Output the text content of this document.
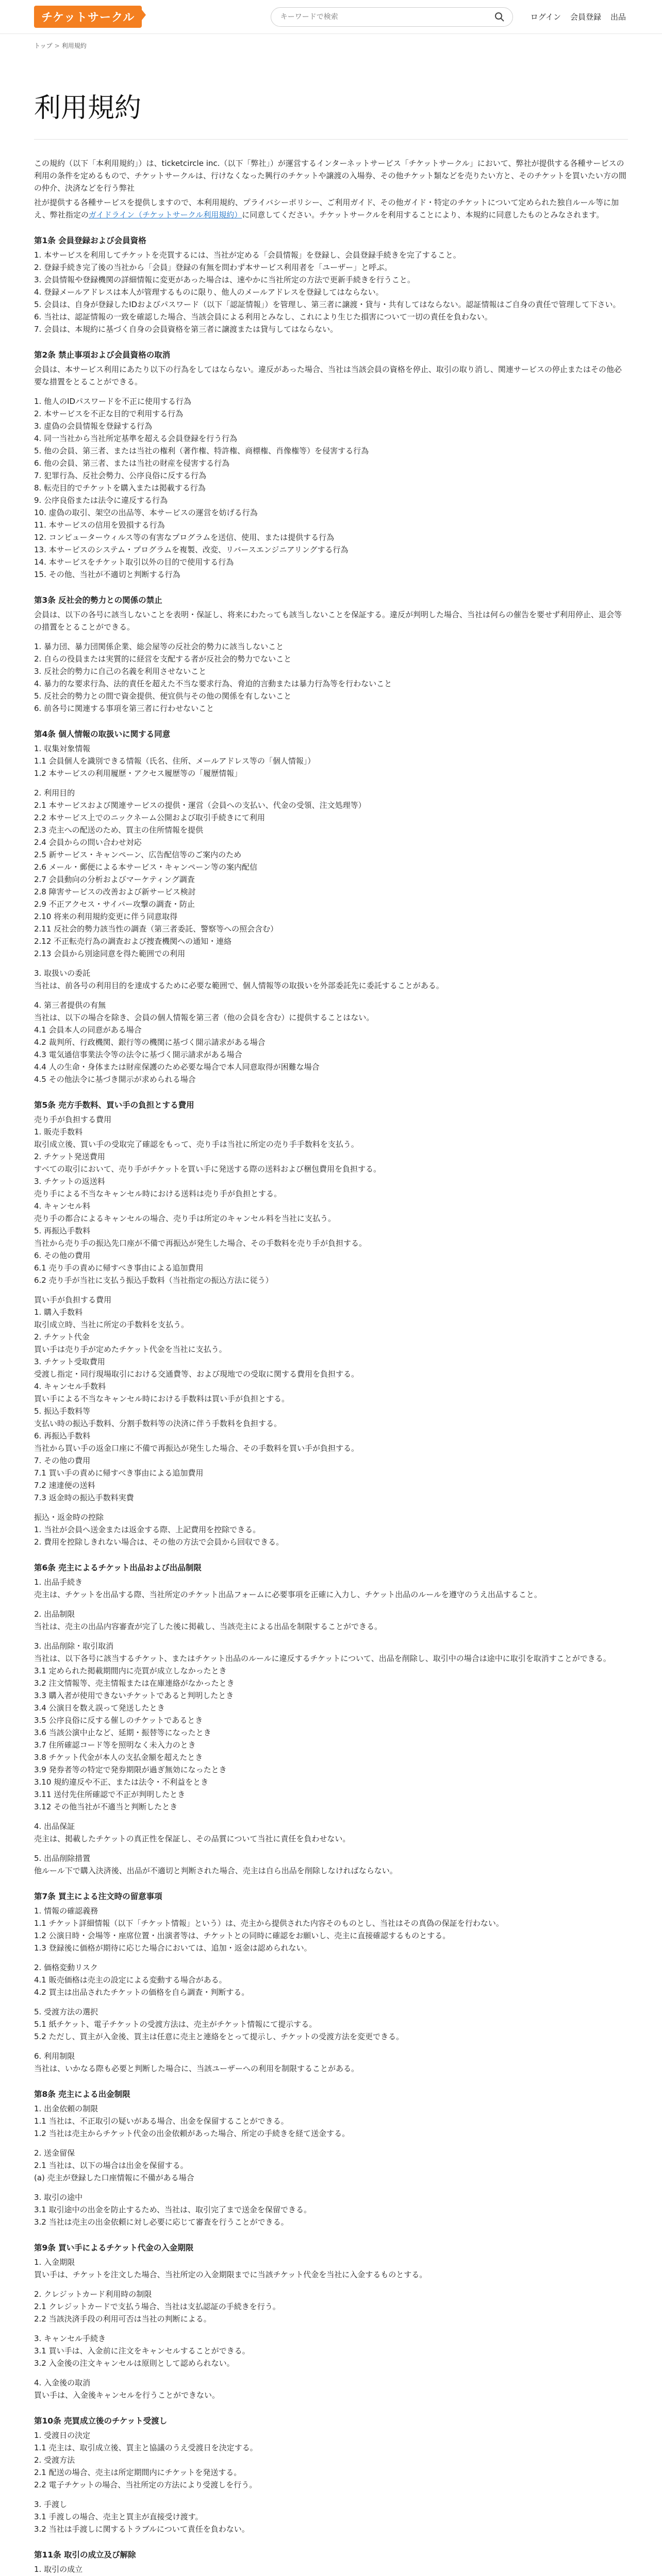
チケットサークル
キーワードで検索	ログイン 会員登録 出品
トップ > 利用規約
利用規約

この規約（以下「本利用規約」）は、ticketcircle inc.（以下「弊社」）が運営するインターネットサービス「チケットサークル」において、弊社が提供する各種サービスの利用の条件を定めるもので、チケットサークルは、行けなくなった興行のチケットや譲渡の入場券、その他チケット類などを売りたい方と、そのチケットを買いたい方の間の仲介、決済などを行う弊社

社が提供する各種サービスを提供しますので、本利用規約、プライバシーポリシー、ご利用ガイド、その他ガイド・特定のチケットについて定められた独自ルール等に加え、弊社指定のガイドライン（チケットサークル利用規約）に同意してください。チケットサークルを利用することにより、本規約に同意したものとみなされます。

第1条 会員登録および会員資格

1. 本サービスを利用してチケットを売買するには、当社が定める「会員情報」を登録し、会員登録手続きを完了すること。

2. 登録手続き完了後の当社から「会員」登録の有無を問わず本サービス利用者を「ユーザー」と呼ぶ。

3. 会員情報や登録機関の詳細情報に変更があった場合は、速やかに当社所定の方法で更新手続きを行うこと。

4. 登録メールアドレスは本人が管理するものに限り、他人のメールアドレスを登録してはならない。

5. 会員は、自身が登録したIDおよびパスワード（以下「認証情報」）を管理し、第三者に譲渡・貸与・共有してはならない。認証情報はご自身の責任で管理して下さい。

6. 当社は、認証情報の一致を確認した場合、当該会員による利用とみなし、これにより生じた損害について一切の責任を負わない。

7. 会員は、本規約に基づく自身の会員資格を第三者に譲渡または貸与してはならない。

第2条 禁止事項および会員資格の取消

会員は、本サービス利用にあたり以下の行為をしてはならない。違反があった場合、当社は当該会員の資格を停止、取引の取り消し、関連サービスの停止またはその他必要な措置をとることができる。

1. 他人のIDパスワードを不正に使用する行為

2. 本サービスを不正な目的で利用する行為

3. 虚偽の会員情報を登録する行為

4. 同一当社から当社所定基準を超える会員登録を行う行為

5. 他の会員、第三者、または当社の権利（著作権、特許権、商標権、肖像権等）を侵害する行為

6. 他の会員、第三者、または当社の財産を侵害する行為

7. 犯罪行為、反社会勢力、公序良俗に反する行為

8. 転売目的でチケットを購入または掲載する行為

9. 公序良俗または法令に違反する行為

10. 虚偽の取引、架空の出品等、本サービスの運営を妨げる行為

11. 本サービスの信用を毀損する行為

12. コンピューターウィルス等の有害なプログラムを送信、使用、または提供する行為

13. 本サービスのシステム・プログラムを複製、改変、リバースエンジニアリングする行為

14. 本サービスをチケット取引以外の目的で使用する行為

15. その他、当社が不適切と判断する行為

第3条 反社会的勢力との関係の禁止

会員は、以下の各号に該当しないことを表明・保証し、将来にわたっても該当しないことを保証する。違反が判明した場合、当社は何らの催告を要せず利用停止、退会等の措置をとることができる。

1. 暴力団、暴力団関係企業、総会屋等の反社会的勢力に該当しないこと

2. 自らの役員または実質的に経営を支配する者が反社会的勢力でないこと

3. 反社会的勢力に自己の名義を利用させないこと

4. 暴力的な要求行為、法的責任を超えた不当な要求行為、脅迫的言動または暴力行為等を行わないこと

5. 反社会的勢力との間で資金提供、便宜供与その他の関係を有しないこと

6. 前各号に関連する事項を第三者に行わせないこと

第4条 個人情報の取扱いに関する同意

1. 収集対象情報

1.1 会員個人を識別できる情報（氏名、住所、メールアドレス等の「個人情報」）

1.2 本サービスの利用履歴・アクセス履歴等の「履歴情報」

2. 利用目的

2.1 本サービスおよび関連サービスの提供・運営（会員への支払い、代金の受領、注文処理等）

2.2 本サービス上でのニックネーム公開および取引手続きにて利用

2.3 売主への配送のため、買主の住所情報を提供

2.4 会員からの問い合わせ対応

2.5 新サービス・キャンペーン、広告配信等のご案内のため

2.6 メール・郵便による本サービス・キャンペーン等の案内配信

2.7 会員動向の分析およびマーケティング調査

2.8 障害サービスの改善および新サービス検討

2.9 不正アクセス・サイバー攻撃の調査・防止

2.10 将来の利用規約変更に伴う同意取得

2.11 反社会的勢力該当性の調査（第三者委託、警察等への照会含む）

2.12 不正転売行為の調査および捜査機関への通知・連絡

2.13 会員から別途同意を得た範囲での利用

3. 取扱いの委託

当社は、前各号の利用目的を達成するために必要な範囲で、個人情報等の取扱いを外部委託先に委託することがある。

4. 第三者提供の有無

当社は、以下の場合を除き、会員の個人情報を第三者（他の会員を含む）に提供することはない。

4.1 会員本人の同意がある場合

4.2 裁判所、行政機関、銀行等の機関に基づく開示請求がある場合

4.3 電気通信事業法令等の法令に基づく開示請求がある場合

4.4 人の生命・身体または財産保護のため必要な場合で本人同意取得が困難な場合

4.5 その他法令に基づき開示が求められる場合

第5条 売方手数料、買い手の負担とする費用

売り手が負担する費用

1. 販売手数料

取引成立後、買い手の受取完了確認をもって、売り手は当社に所定の売り手手数料を支払う。

2. チケット発送費用

すべての取引において、売り手がチケットを買い手に発送する際の送料および梱包費用を負担する。

3. チケットの返送料

売り手による不当なキャンセル時における送料は売り手が負担とする。

4. キャンセル料

売り手の都合によるキャンセルの場合、売り手は所定のキャンセル料を当社に支払う。

5. 再振込手数料

当社から売り手の振込先口座が不備で再振込が発生した場合、その手数料を売り手が負担する。

6. その他の費用

6.1 売り手の責めに帰すべき事由による追加費用

6.2 売り手が当社に支払う振込手数料（当社指定の振込方法に従う）

買い手が負担する費用

1. 購入手数料

取引成立時、当社に所定の手数料を支払う。

2. チケット代金

買い手は売り手が定めたチケット代金を当社に支払う。

3. チケット受取費用

受渡し指定・同行現場取引における交通費等、および現地での受取に関する費用を負担する。

4. キャンセル手数料

買い手による不当なキャンセル時における手数料は買い手が負担とする。

5. 振込手数料等

支払い時の振込手数料、分割手数料等の決済に伴う手数料を負担する。

6. 再振込手数料

当社から買い手の返金口座に不備で再振込が発生した場合、その手数料を買い手が負担する。

7. その他の費用

7.1 買い手の責めに帰すべき事由による追加費用

7.2 速達便の送料

7.3 返金時の振込手数料実費

振込・返金時の控除

1. 当社が会員へ送金または返金する際、上記費用を控除できる。

2. 費用を控除しきれない場合は、その他の方法で会員から回収できる。

第6条 売主によるチケット出品および出品制限

1. 出品手続き

売主は、チケットを出品する際、当社所定のチケット出品フォームに必要事項を正確に入力し、チケット出品のルールを遵守のうえ出品すること。

2. 出品制限

当社は、売主の出品内容審査が完了した後に掲載し、当該売主による出品を制限することができる。

3. 出品削除・取引取消

当社は、以下各号に該当するチケット、またはチケット出品のルールに違反するチケットについて、出品を削除し、取引中の場合は途中に取引を取消すことができる。

3.1 定められた掲載期間内に売買が成立しなかったとき

3.2 注文情報等、売主情報または在庫連絡がなかったとき

3.3 購入者が使用できないチケットであると判明したとき

3.4 公演日を数え誤って発送したとき

3.5 公序良俗に反する催しのチケットであるとき

3.6 当該公演中止など、延期・振替等になったとき

3.7 住所確認コード等を照明なく未入力のとき

3.8 チケット代金が本人の支払金額を超えたとき

3.9 発券者等の特定で発券期限が過ぎ無効になったとき

3.10 規約違反や不正、または法令・不利益をとき

3.11 送付先住所確認で不正が判明したとき

3.12 その他当社が不適当と判断したとき

4. 出品保証

売主は、掲載したチケットの真正性を保証し、その品質について当社に責任を負わせない。

5. 出品削除措置

他ルール下で購入決済後、出品が不適切と判断された場合、売主は自ら出品を削除しなければならない。

第7条 買主による注文時の留意事項

1. 情報の確認義務

1.1 チケット詳細情報（以下「チケット情報」という）は、売主から提供された内容そのものとし、当社はその真偽の保証を行わない。

1.2 公演日時・会場等・座席位置・出演者等は、チケットとの同時に確認をお願いし、売主に直接確認するものとする。

1.3 登録後に価格が期待に応じた場合においては、追加・返金は認められない。

2. 価格変動リスク

4.1 販売価格は売主の設定による変動する場合がある。

4.2 買主は出品されたチケットの価格を自ら調査・判断する。

5. 受渡方法の選択

5.1 紙チケット、電子チケットの受渡方法は、売主がチケット情報にて提示する。

5.2 ただし、買主が入金後、買主は任意に売主と連絡をとって提示し、チケットの受渡方法を変更できる。

6. 利用制限

当社は、いかなる際も必要と判断した場合に、当該ユーザーへの利用を制限することがある。

第8条 売主による出金制限

1. 出金依頼の制限

1.1 当社は、不正取引の疑いがある場合、出金を保留することができる。

1.2 当社は売主からチケット代金の出金依頼があった場合、所定の手続きを経て送金する。

2. 送金留保

2.1 当社は、以下の場合は出金を保留する。

(a) 売主が登録した口座情報に不備がある場合

3. 取引の途中

3.1 取引途中の出金を防止するため、当社は、取引完了まで送金を保留できる。

3.2 当社は売主の出金依頼に対し必要に応じて審査を行うことができる。

第9条 買い手によるチケット代金の入金期限

1. 入金期限

買い手は、チケットを注文した場合、当社所定の入金期限までに当該チケット代金を当社に入金するものとする。

2. クレジットカード利用時の制限

2.1 クレジットカードで支払う場合、当社は支払認証の手続きを行う。

2.2 当該決済手段の利用可否は当社の判断による。

3. キャンセル手続き

3.1 買い手は、入金前に注文をキャンセルすることができる。

3.2 入金後の注文キャンセルは原則として認められない。

4. 入金後の取消

買い手は、入金後キャンセルを行うことができない。

第10条 売買成立後のチケット受渡し

1. 受渡日の決定

1.1 売主は、取引成立後、買主と協議のうえ受渡日を決定する。

2. 受渡方法

2.1 配送の場合、売主は所定期間内にチケットを発送する。

2.2 電子チケットの場合、当社所定の方法により受渡しを行う。

3. 手渡し

3.1 手渡しの場合、売主と買主が直接受け渡す。

3.2 当社は手渡しに関するトラブルについて責任を負わない。

第11条 取引の成立及び解除

1. 取引の成立
